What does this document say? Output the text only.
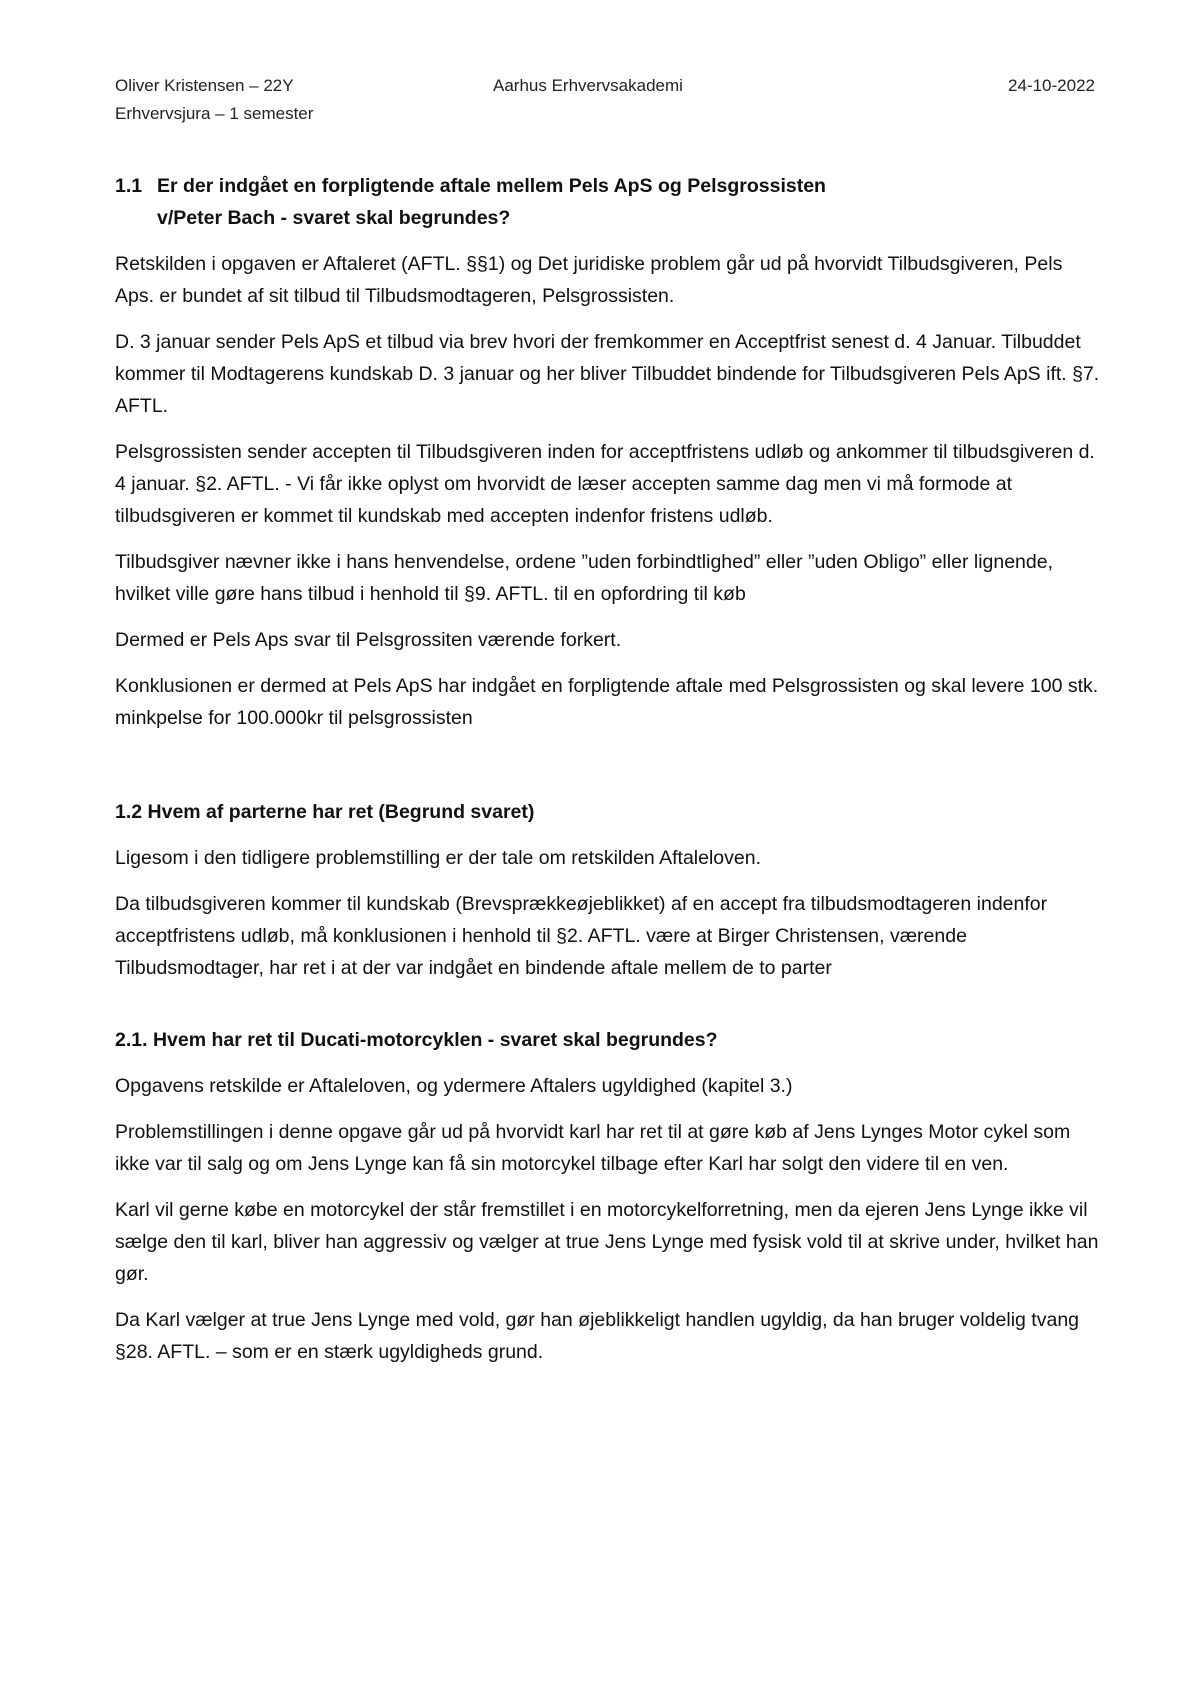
Oliver Kristensen – 22Y
Erhvervsjura – 1 semester
Aarhus Erhvervsakademi	24-10-2022
1.1 Er der indgået en forpligtende aftale mellem Pels ApS og Pelsgrossisten
v/Peter Bach - svaret skal begrundes?

Retskilden i opgaven er Aftaleret (AFTL. §§1) og Det juridiske problem går ud på hvorvidt Tilbudsgiveren, Pels Aps. er bundet af sit tilbud til Tilbudsmodtageren, Pelsgrossisten.

D. 3 januar sender Pels ApS et tilbud via brev hvori der fremkommer en Acceptfrist senest d. 4 Januar. Tilbuddet kommer til Modtagerens kundskab D. 3 januar og her bliver Tilbuddet bindende for Tilbudsgiveren Pels ApS ift. §7. AFTL.

Pelsgrossisten sender accepten til Tilbudsgiveren inden for acceptfristens udløb og ankommer til tilbudsgiveren d. 4 januar. §2. AFTL. - Vi får ikke oplyst om hvorvidt de læser accepten samme dag men vi må formode at tilbudsgiveren er kommet til kundskab med accepten indenfor fristens udløb.

Tilbudsgiver nævner ikke i hans henvendelse, ordene ”uden forbindtlighed” eller ”uden Obligo” eller lignende, hvilket ville gøre hans tilbud i henhold til §9. AFTL. til en opfordring til køb

Dermed er Pels Aps svar til Pelsgrossiten værende forkert.

Konklusionen er dermed at Pels ApS har indgået en forpligtende aftale med Pelsgrossisten og skal levere 100 stk. minkpelse for 100.000kr til pelsgrossisten

1.2 Hvem af parterne har ret (Begrund svaret)

Ligesom i den tidligere problemstilling er der tale om retskilden Aftaleloven.

Da tilbudsgiveren kommer til kundskab (Brevsprækkeøjeblikket) af en accept fra tilbudsmodtageren indenfor acceptfristens udløb, må konklusionen i henhold til §2. AFTL. være at Birger Christensen, værende Tilbudsmodtager, har ret i at der var indgået en bindende aftale mellem de to parter

2.1. Hvem har ret til Ducati-motorcyklen - svaret skal begrundes?

Opgavens retskilde er Aftaleloven, og ydermere Aftalers ugyldighed (kapitel 3.)

Problemstillingen i denne opgave går ud på hvorvidt karl har ret til at gøre køb af Jens Lynges Motor cykel som ikke var til salg og om Jens Lynge kan få sin motorcykel tilbage efter Karl har solgt den videre til en ven.

Karl vil gerne købe en motorcykel der står fremstillet i en motorcykelforretning, men da ejeren Jens Lynge ikke vil sælge den til karl, bliver han aggressiv og vælger at true Jens Lynge med fysisk vold til at skrive under, hvilket han gør.

Da Karl vælger at true Jens Lynge med vold, gør han øjeblikkeligt handlen ugyldig, da han bruger voldelig tvang §28. AFTL. – som er en stærk ugyldigheds grund.
